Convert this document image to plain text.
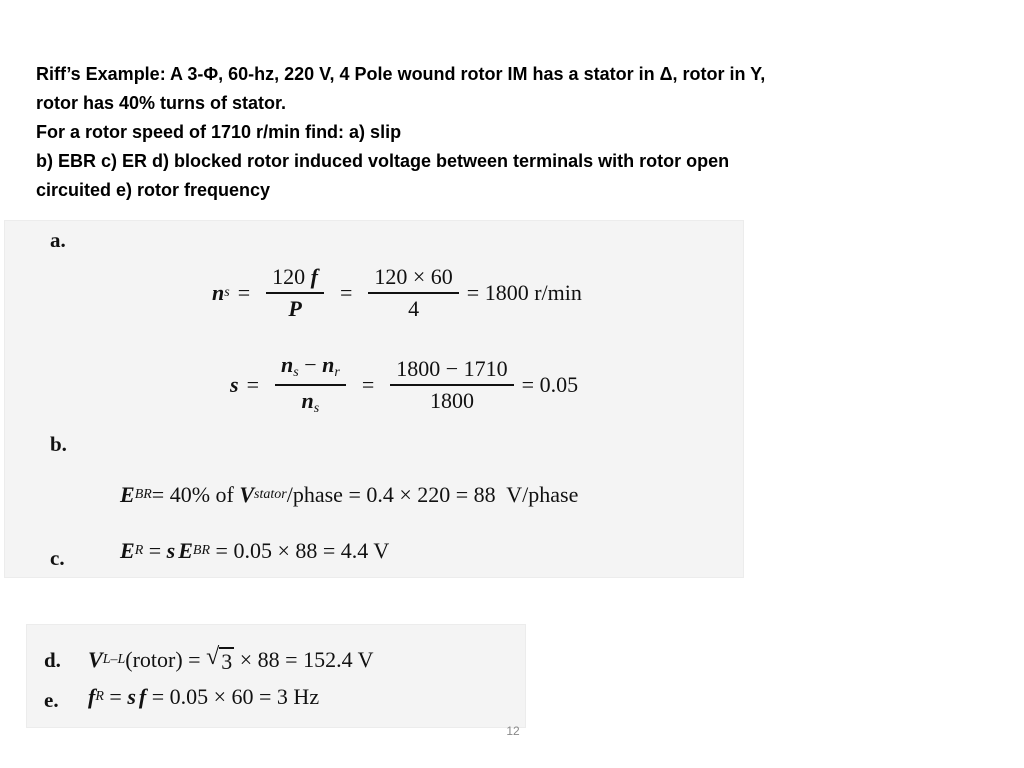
Riff’s Example: A 3-Φ, 60-hz, 220 V, 4 Pole wound rotor IM has a stator in Δ, rotor in Y,
rotor has 40% turns of stator.
For a rotor speed of 1710 r/min find: a) slip
b) EBR c) ER d) blocked rotor induced voltage between terminals with rotor open
circuited e) rotor frequency
a.
n $s = \frac{120 f}{P} = \frac{120 \times 60}{4} = 1800$ r/min
$s = \frac{n_s - n_r}{n_s} = \frac{1800 - 1710}{1800} = 0.05$
b.
E BR = 40% of V stator /phase = 0.4 × 220 = 88  V/phase
c.	E R = s E BR = 0.05 × 88 = 4.4 V
d. V L–L (rotor) = √ 3 × 88 = 152.4 V
e. f R = s f = 0.05 × 60 = 3 Hz
12
